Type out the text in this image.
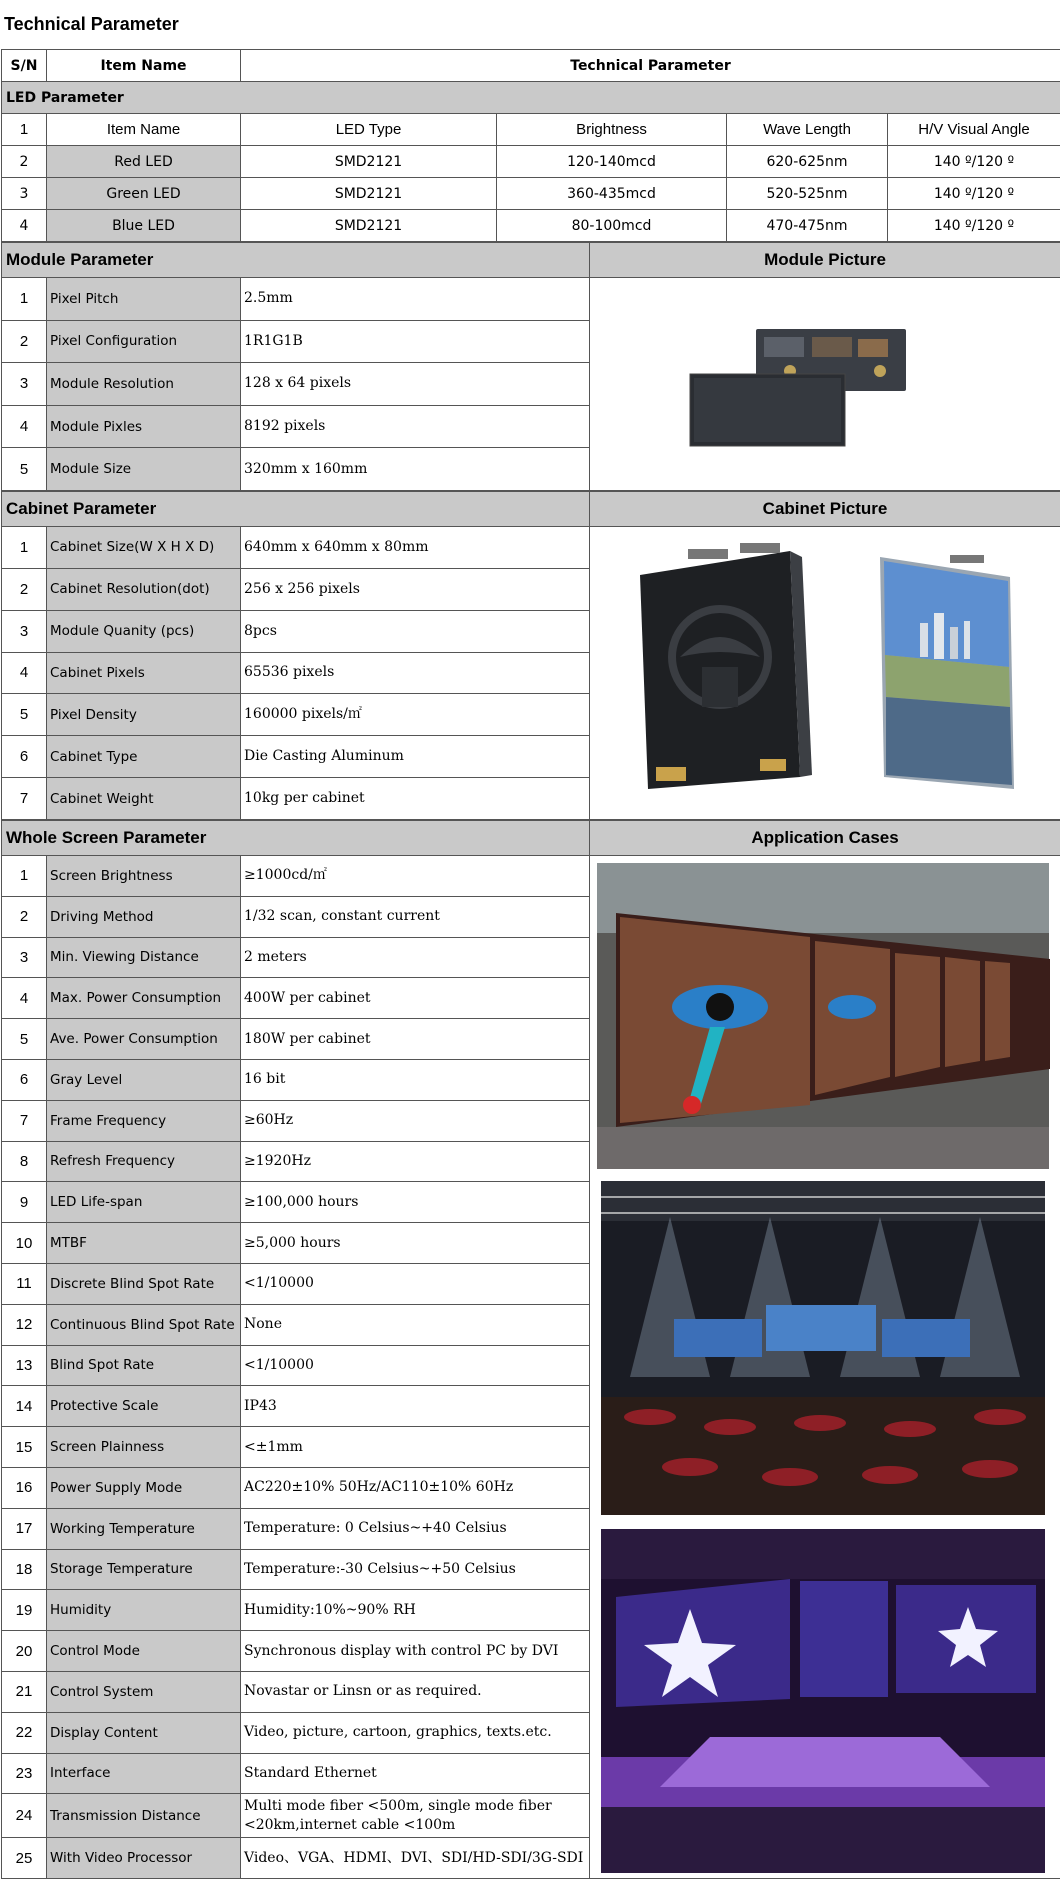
Technical Parameter
S/N	Item Name	Technical Parameter			
LED Parameter					
1	Item Name	LED Type	Brightness	Wave Length	H/V Visual Angle
2	Red LED	SMD2121	120-140mcd	620-625nm	140 º/120 º
3	Green LED	SMD2121	360-435mcd	520-525nm	140 º/120 º
4	Blue LED	SMD2121	80-100mcd	470-475nm	140 º/120 º
Module Parameter			Module Picture
1	Pixel Pitch	2.5mm	

2	Pixel Configuration	1R1G1B	
3	Module Resolution	128 x 64 pixels	
4	Module Pixles	8192 pixels	
5	Module Size	320mm x 160mm	
Cabinet Parameter			Cabinet Picture
1	Cabinet Size(W X H X D)	640mm x 640mm x 80mm	

2	Cabinet Resolution(dot)	256 x 256 pixels	
3	Module Quanity (pcs)	8pcs	
4	Cabinet Pixels	65536 pixels	
5	Pixel Density	160000 pixels/㎡	
6	Cabinet Type	Die Casting Aluminum	
7	Cabinet Weight	10kg per cabinet	
Whole Screen Parameter			Application Cases
1	Screen Brightness	≥1000cd/㎡	

2	Driving Method	1/32 scan, constant current	
3	Min. Viewing Distance	2 meters	
4	Max. Power Consumption	400W per cabinet	
5	Ave. Power Consumption	180W per cabinet	
6	Gray Level	16 bit	
7	Frame Frequency	≥60Hz	
8	Refresh Frequency	≥1920Hz	
9	LED Life-span	≥100,000 hours	
10	MTBF	≥5,000 hours	
11	Discrete Blind Spot Rate	<1/10000	
12	Continuous Blind Spot Rate	None	
13	Blind Spot Rate	<1/10000	
14	Protective Scale	IP43	
15	Screen Plainness	<±1mm	
16	Power Supply Mode	AC220±10% 50Hz/AC110±10% 60Hz	
17	Working Temperature	Temperature: 0 Celsius~+40 Celsius	
18	Storage Temperature	Temperature:-30 Celsius~+50 Celsius	
19	Humidity	Humidity:10%~90% RH	
20	Control Mode	Synchronous display with control PC by DVI	
21	Control System	Novastar or Linsn or as required.	
22	Display Content	Video, picture, cartoon, graphics, texts.etc.	
23	Interface	Standard Ethernet	
24	Transmission Distance	Multi mode fiber <500m, single mode fiber <20km,internet cable <100m	
25	With Video Processor	Video、VGA、HDMI、DVI、SDI/HD-SDI/3G-SDI	
